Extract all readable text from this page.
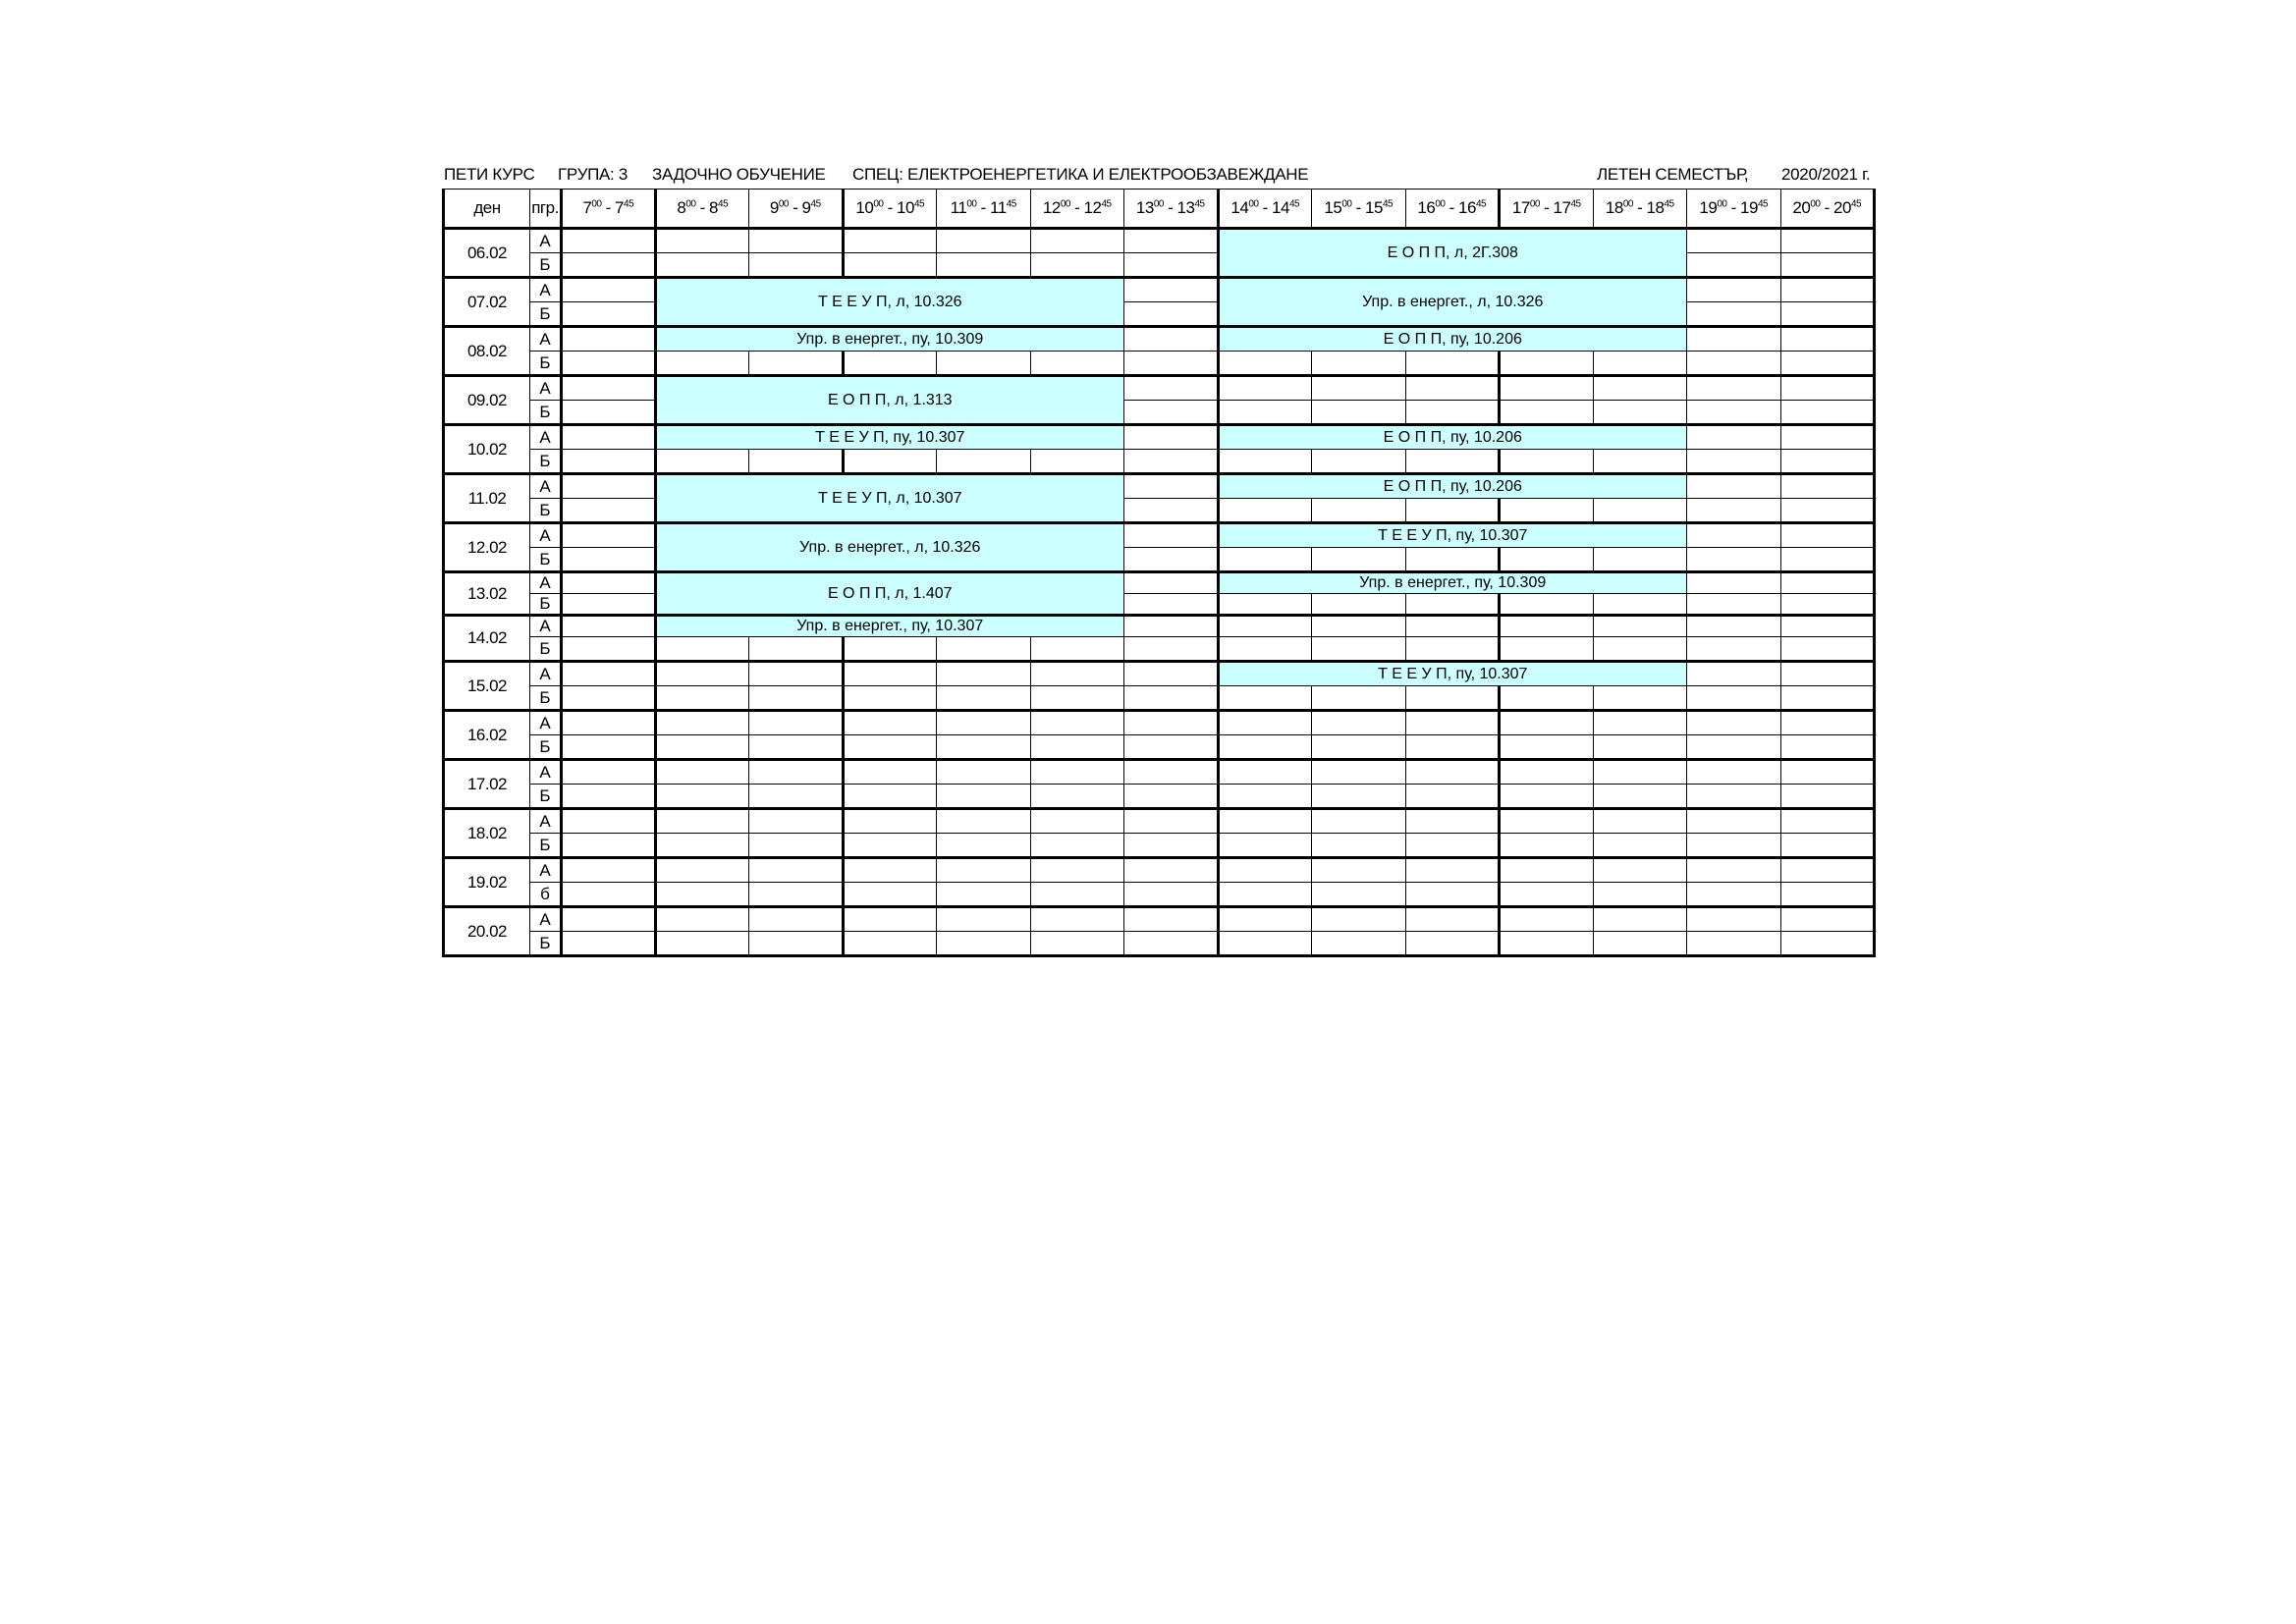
ПЕТИ КУРС ГРУПА: 3 ЗАДОЧНО ОБУЧЕНИЕ СПЕЦ: ЕЛЕКТРОЕНЕРГЕТИКА И ЕЛЕКТРООБЗАВЕЖДАНЕ	ЛЕТЕН СЕМЕСТЪР, 2020/2021 г.
ден	пгр.	$7^{00} - 7^{45}$	$8^{00} - 8^{45}$	$9^{00} - 9^{45}$	$10^{00} - 10^{45}$	$11^{00} - 11^{45}$	$12^{00} - 12^{45}$	$13^{00} - 13^{45}$	$14^{00} - 14^{45}$	$15^{00} - 15^{45}$	$16^{00} - 16^{45}$	$17^{00} - 17^{45}$	$18^{00} - 18^{45}$	$19^{00} - 19^{45}$	$20^{00} - 20^{45}$
06.02	А								Е О П П, л, 2Г.308						
	Б														
07.02	А		Т Е Е У П, л, 10.326						Упр. в енергет., л, 10.326						
	Б														
08.02	А		Упр. в енергет., пу, 10.309						Е О П П, пу, 10.206						
	Б														
09.02	А		Е О П П, л, 1.313												
	Б														
10.02	А		Т Е Е У П, пу, 10.307						Е О П П, пу, 10.206						
	Б														
11.02	А		Т Е Е У П, л, 10.307						Е О П П, пу, 10.206						
	Б														
12.02	А		Упр. в енергет., л, 10.326						Т Е Е У П, пу, 10.307						
	Б														
13.02	А		Е О П П, л, 1.407						Упр. в енергет., пу, 10.309						
	Б														
14.02	А		Упр. в енергет., пу, 10.307												
	Б														
15.02	А								Т Е Е У П, пу, 10.307						
	Б														
16.02	А														
	Б														
17.02	А														
	Б														
18.02	А														
	Б														
19.02	А														
	б														
20.02	А														
	Б														
